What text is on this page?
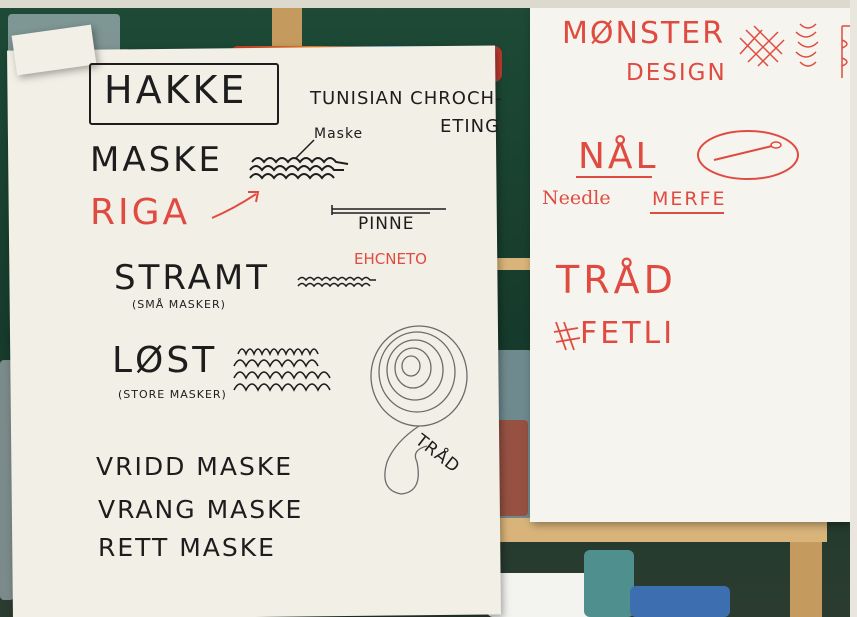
HAKKE	TUNISIAN CHROCH-
ETING
MASKE
Maske
RIGA	PINNE
EHCNETO
STRAMT
(SMÅ MASKER)
LØST
(STORE MASKER)
TRÅD
VRIDD MASKE
VRANG MASKE
RETT MASKE
MØNSTER
DESIGN
NÅL
Needle MERFE
TRÅD
FETLI
